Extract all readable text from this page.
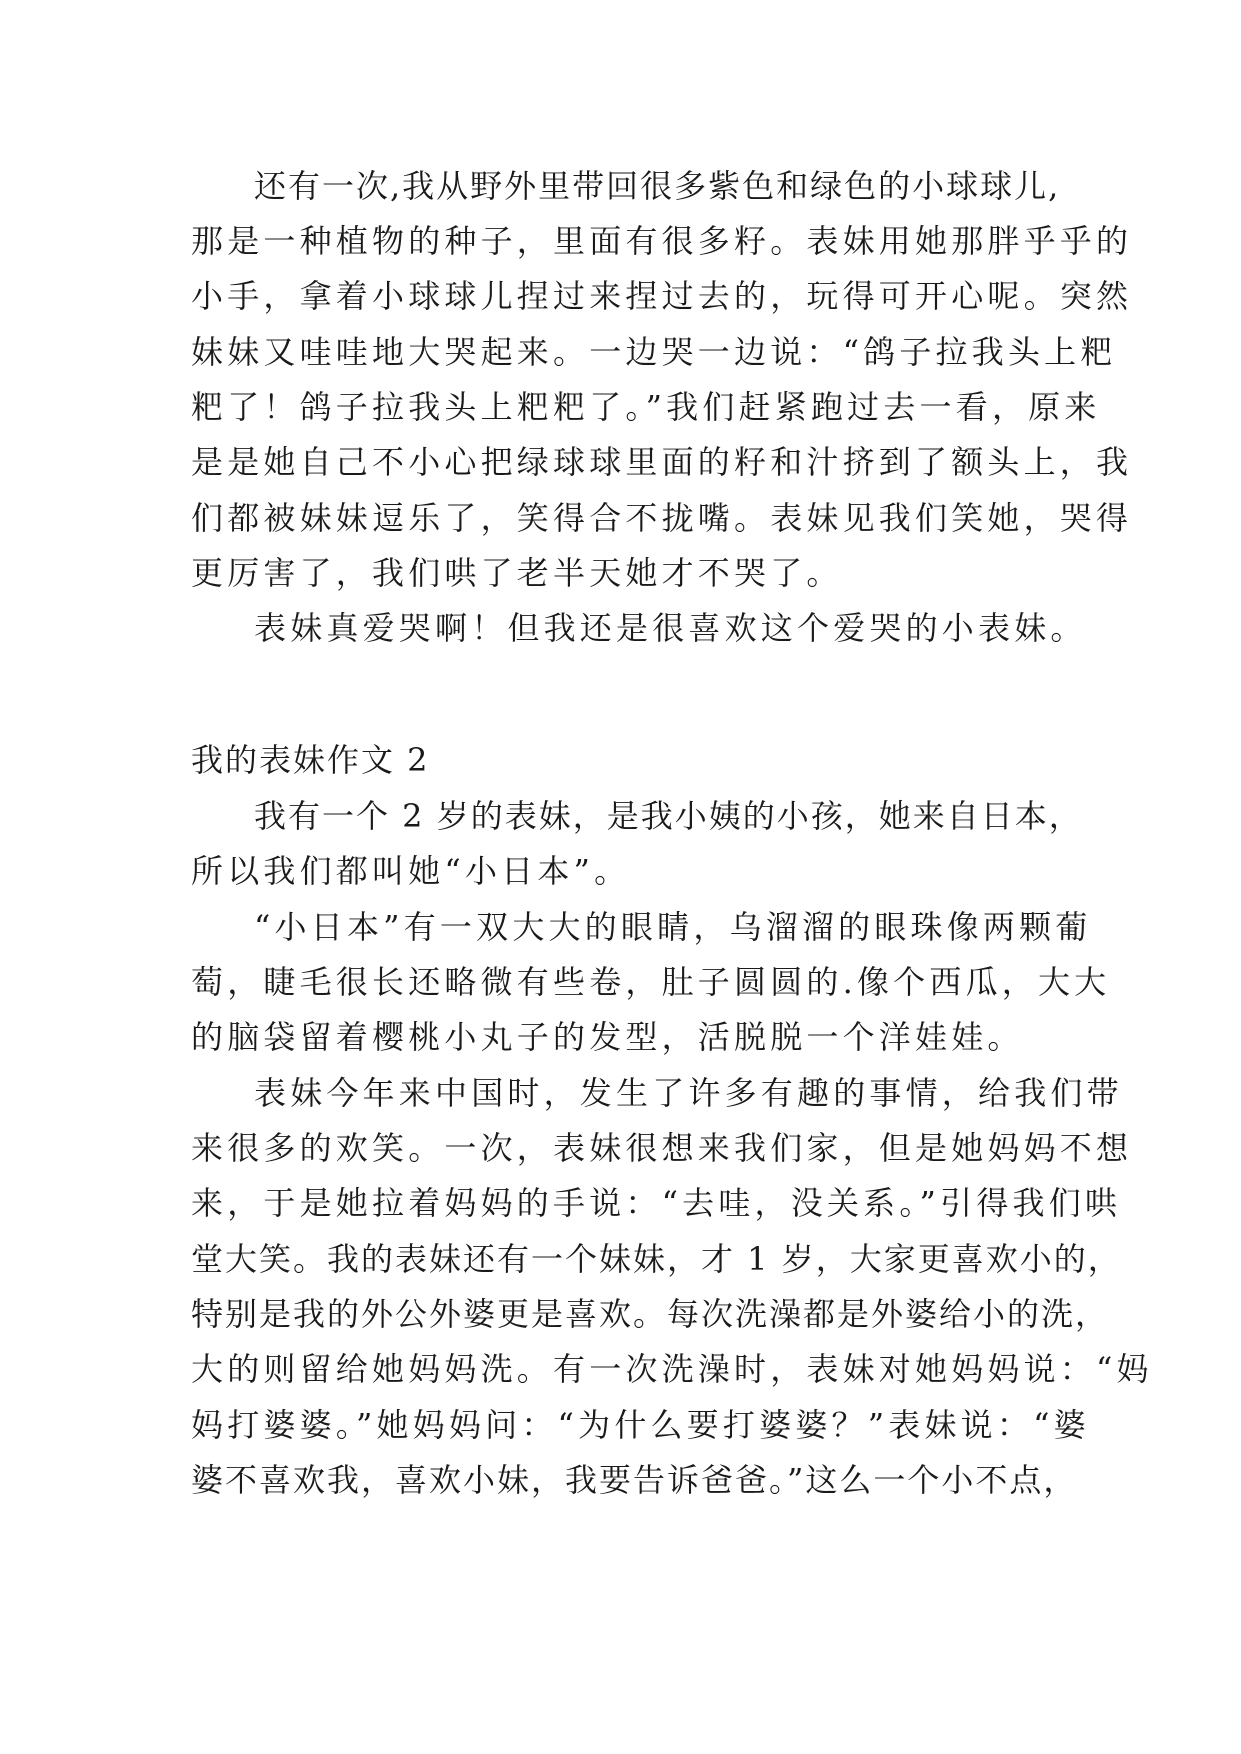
还有一次,我从野外里带回很多紫色和绿色的小球球儿,

那是一种植物的种子，里面有很多籽。表妹用她那胖乎乎的

小手，拿着小球球儿捏过来捏过去的，玩得可开心呢。突然

妹妹又哇哇地大哭起来。一边哭一边说：“鸽子拉我头上粑

粑了！鸽子拉我头上粑粑了。”我们赶紧跑过去一看，原来

是是她自己不小心把绿球球里面的籽和汁挤到了额头上，我

们都被妹妹逗乐了，笑得合不拢嘴。表妹见我们笑她，哭得

更厉害了，我们哄了老半天她才不哭了。

表妹真爱哭啊！但我还是很喜欢这个爱哭的小表妹。

我的表妹作文 2

我有一个 2 岁的表妹，是我小姨的小孩，她来自日本，

所以我们都叫她“小日本”。

“小日本”有一双大大的眼睛，乌溜溜的眼珠像两颗葡

萄，睫毛很长还略微有些卷，肚子圆圆的.像个西瓜，大大

的脑袋留着樱桃小丸子的发型，活脱脱一个洋娃娃。

表妹今年来中国时，发生了许多有趣的事情，给我们带

来很多的欢笑。一次，表妹很想来我们家，但是她妈妈不想

来，于是她拉着妈妈的手说：“去哇，没关系。”引得我们哄

堂大笑。我的表妹还有一个妹妹，才 1 岁，大家更喜欢小的，

特别是我的外公外婆更是喜欢。每次洗澡都是外婆给小的洗，

大的则留给她妈妈洗。有一次洗澡时，表妹对她妈妈说：“妈

妈打婆婆。”她妈妈问：“为什么要打婆婆？”表妹说：“婆

婆不喜欢我，喜欢小妹，我要告诉爸爸。”这么一个小不点，
